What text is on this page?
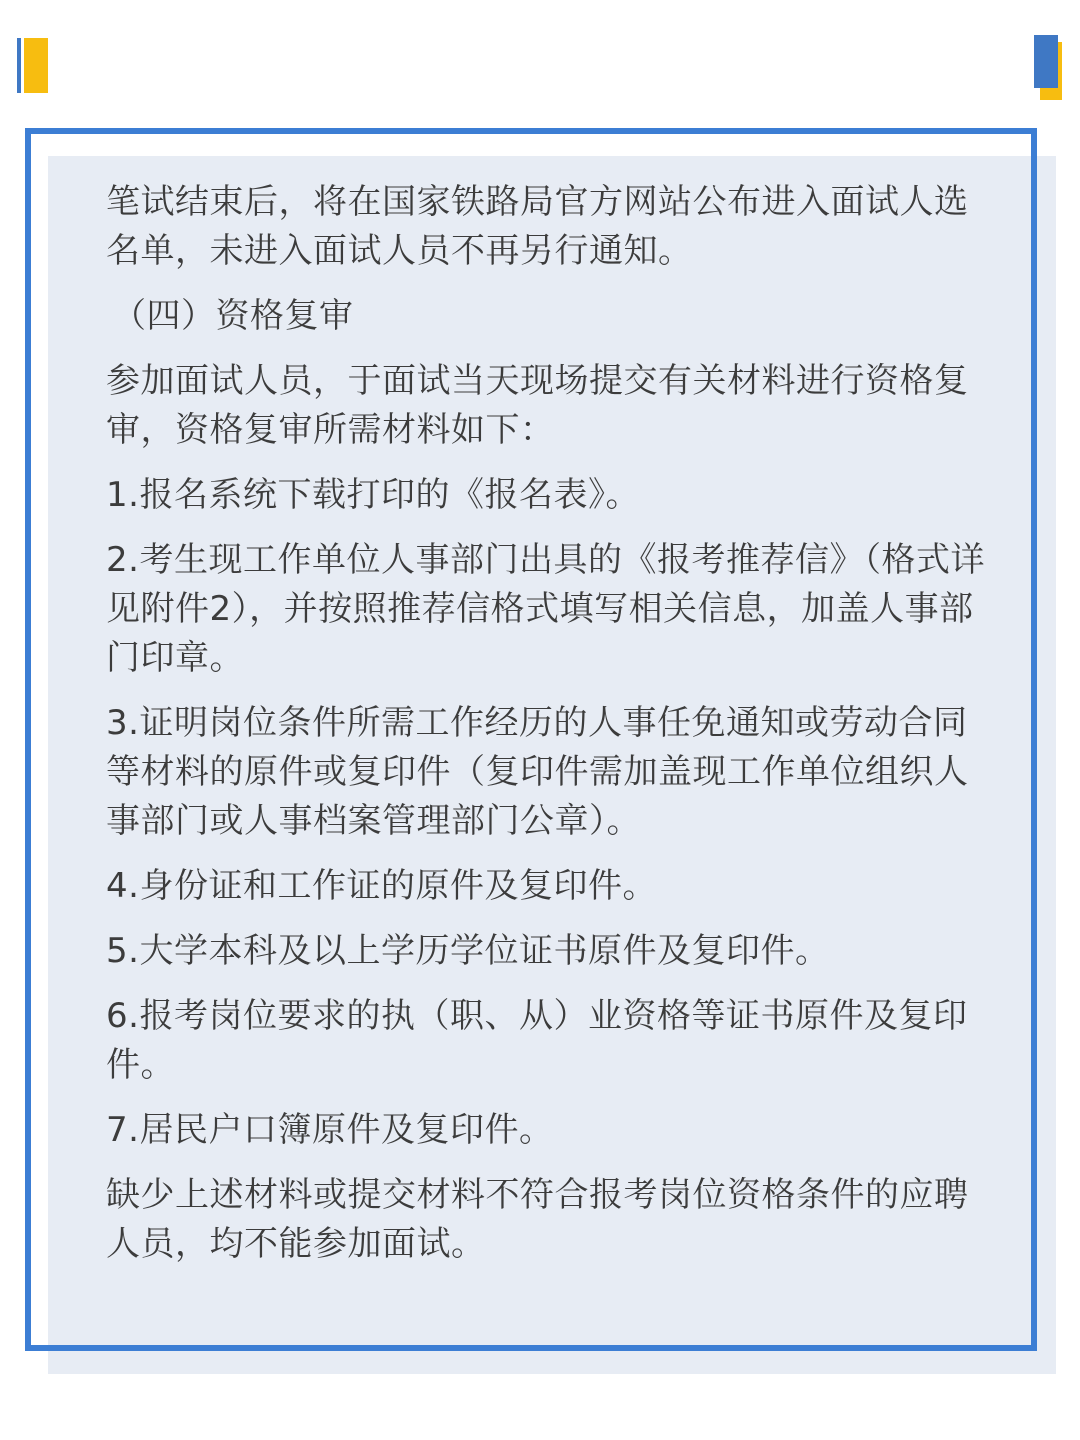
笔试结束后，将在国家铁路局官方网站公布进入面试人选名单，未进入面试人员不再另行通知。

（四）资格复审

参加面试人员，于面试当天现场提交有关材料进行资格复审，资格复审所需材料如下：

1.报名系统下载打印的《报名表》。

2.考生现工作单位人事部门出具的《报考推荐信》（格式详见附件2），并按照推荐信格式填写相关信息，加盖人事部门印章。

3.证明岗位条件所需工作经历的人事任免通知或劳动合同等材料的原件或复印件（复印件需加盖现工作单位组织人事部门或人事档案管理部门公章）。

4.身份证和工作证的原件及复印件。

5.大学本科及以上学历学位证书原件及复印件。

6.报考岗位要求的执（职、从）业资格等证书原件及复印件。

7.居民户口簿原件及复印件。

缺少上述材料或提交材料不符合报考岗位资格条件的应聘人员，均不能参加面试。
